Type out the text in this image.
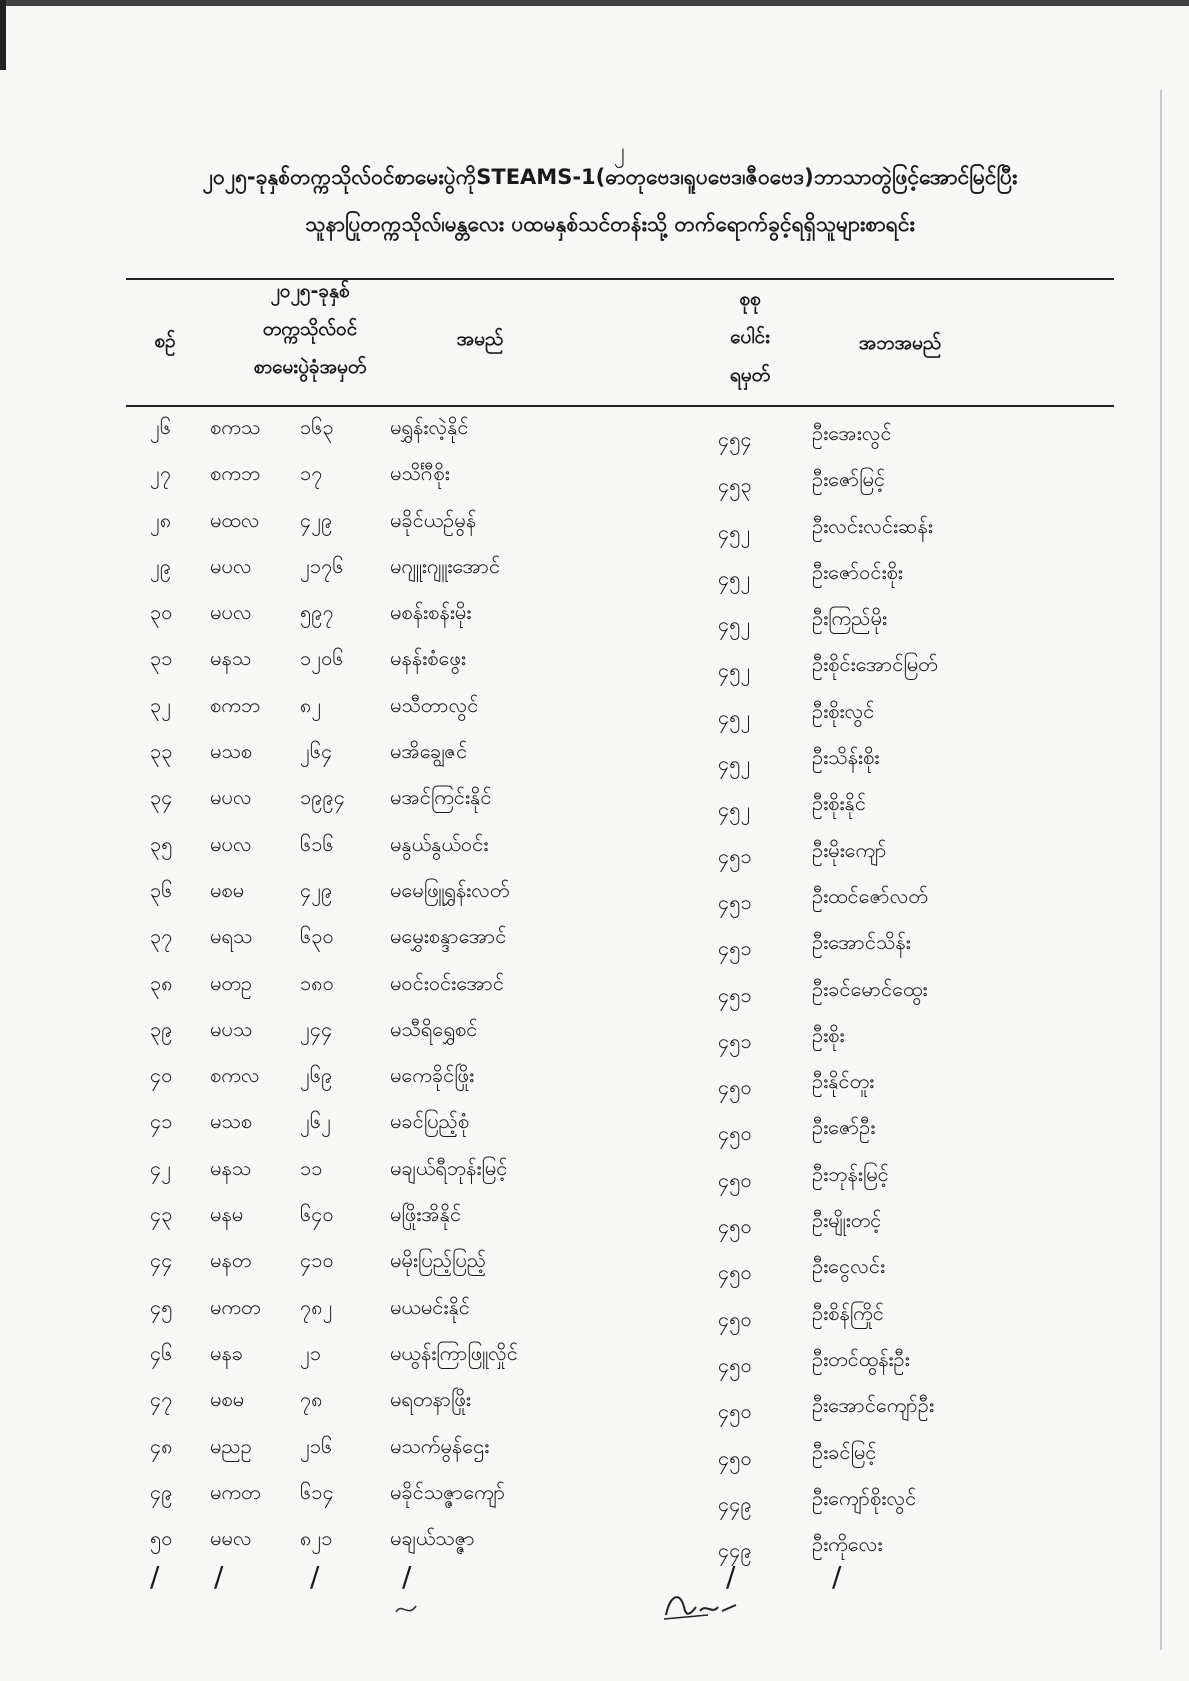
၂
၂၀၂၅-ခုနှစ်တက္ကသိုလ်ဝင်စာမေးပွဲကိုSTEAMS-1(ဓာတုဗေဒ၊ရူပဗေဒ၊ဇီဝဗေဒ)ဘာသာတွဲဖြင့်အောင်မြင်ပြီး
သူနာပြုတက္ကသိုလ်၊မန္တလေး ပထမနှစ်သင်တန်းသို့ တက်ရောက်ခွင့်ရရှိသူများစာရင်း
စဉ်
၂၀၂၅-ခုနှစ်
တက္ကသိုလ်ဝင်
စာမေးပွဲခုံအမှတ်
အမည်
စုစု
ပေါင်း
ရမှတ်
အဘအမည်
၂၆ စကသ ၁၆၃	မရွှန်းလဲ့နိုင်	၄၅၄	ဦးအေးလွင်
၂၇ စကဘ ၁၇	မသိင်္ဂီစိုး	၄၅၃	ဦးဇော်မြင့်
၂၈ မထလ ၄၂၉	မခိုင်ယဉ်မွန်	၄၅၂	ဦးလင်းလင်းဆန်း
၂၉ မပလ ၂၁၇၆ မဂျူးဂျူးအောင်	၄၅၂	ဦးဇော်ဝင်းစိုး
၃၀ မပလ ၅၉၇	မစန်းစန်းမိုး	၄၅၂	ဦးကြည်မိုး
၃၁ မနသ ၁၂၀၆ မနန်းစံဖွေး	၄၅၂	ဦးစိုင်းအောင်မြတ်
၃၂ စကဘ ၈၂	မသီတာလွင်	၄၅၂	ဦးစိုးလွင်
၃၃ မသစ ၂၆၄	မအိချွေဇင်	၄၅၂	ဦးသိန်းစိုး
၃၄ မပလ ၁၉၉၄ မအင်ကြင်းနိုင်	၄၅၂	ဦးစိုးနိုင်
၃၅ မပလ ၆၁၆	မနွယ်နွယ်ဝင်း	၄၅၁	ဦးမိုးကျော်
၃၆ မစမ	၄၂၉	မမေဖြူရွှန်းလတ်	၄၅၁	ဦးထင်ဇော်လတ်
၃၇ မရသ ၆၃၀	မမွှေးစန္ဒာအောင်	၄၅၁	ဦးအောင်သိန်း
၃၈ မတဥ ၁၈၀	မဝင်းဝင်းအောင်	၄၅၁	ဦးခင်မောင်ထွေး
၃၉ မပသ ၂၄၄	မသီရိရွှေစင်	၄၅၁	ဦးစိုး
၄၀ စကလ ၂၆၉	မကေခိုင်ဖြိုး	၄၅၀	ဦးနိုင်တူး
၄၁ မသစ ၂၆၂	မခင်ပြည့်စုံ	၄၅၀	ဦးဇော်ဦး
၄၂ မနသ ၁၁	မချယ်ရီဘုန်းမြင့်	၄၅၀	ဦးဘုန်းမြင့်
၄၃ မနမ	၆၄၀	မဖြိုးအိနိုင်	၄၅၀	ဦးမျိုးတင့်
၄၄ မနတ ၄၁၀	မမိုးပြည့်ပြည့်	၄၅၀	ဦးငွေလင်း
၄၅ မကတ ၇၈၂	မယမင်းနိုင်	၄၅၀	ဦးစိန်ကြိုင်
၄၆ မနခ	၂၁	မယွန်းကြာဖြူလှိုင်	၄၅၀	ဦးတင်ထွန်းဦး
၄၇ မစမ	၇၈	မရတနာဖြိုး	၄၅၀	ဦးအောင်ကျော်ဦး
၄၈ မညဥ ၂၁၆	မသက်မွန်ဌေး	၄၅၀	ဦးခင်မြင့်
၄၉ မကတ ၆၁၄	မခိုင်သဇ္ဇာကျော်	၄၄၉	ဦးကျော်စိုးလွင်
၅၀ မမလ ၈၂၁	မချယ်သဇ္ဇာ	၄၄၉	ဦးကိုလေး
/ /	/	/	/	/
